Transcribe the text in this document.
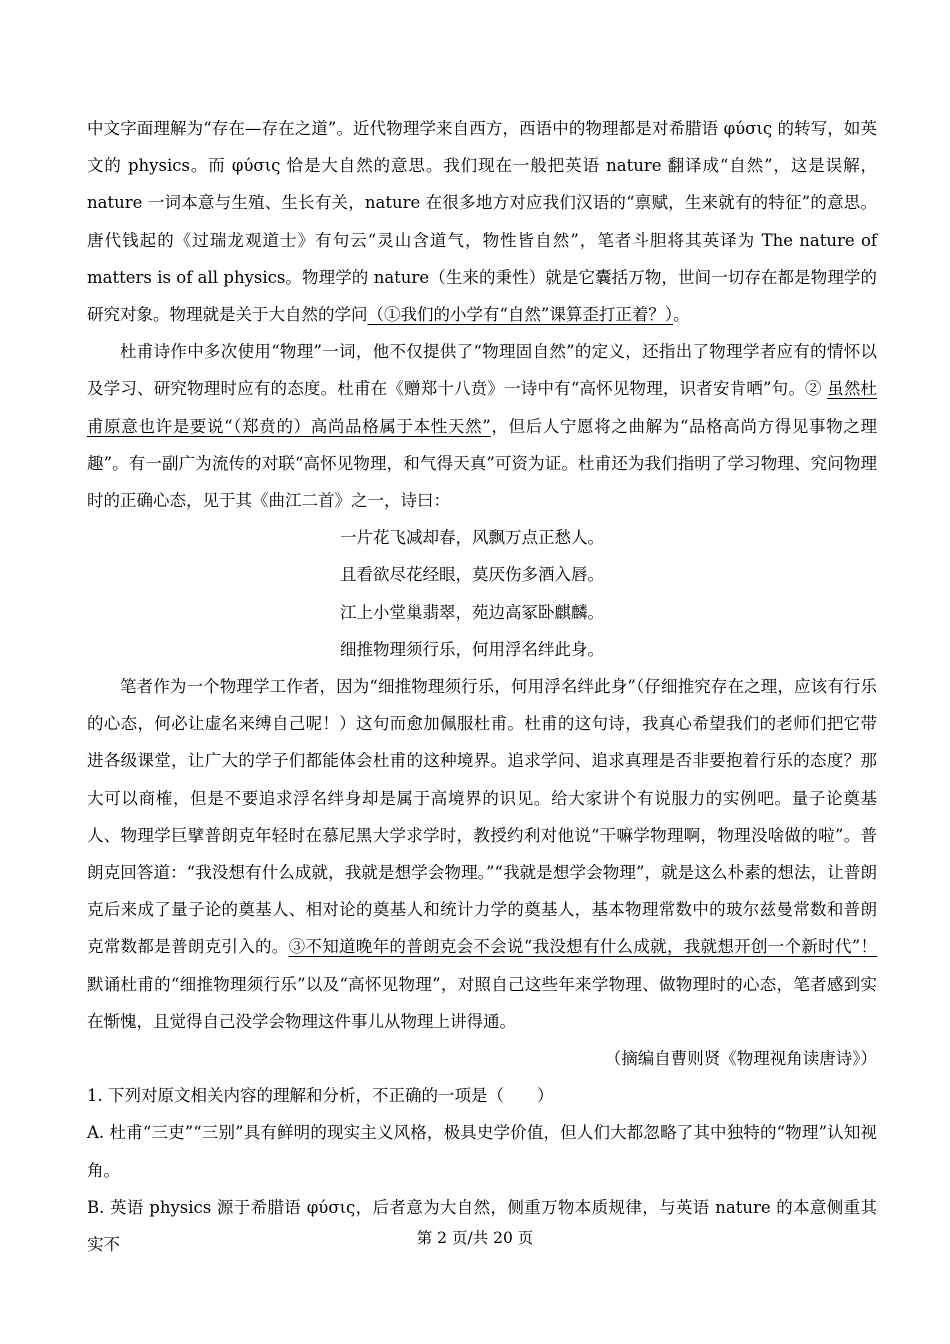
中文字面理解为“存在—存在之道”。近代物理学来自西方，西语中的物理都是对希腊语 φύσις 的转写，如英文的 physics。而 φύσις 恰是大自然的意思。我们现在一般把英语 nature 翻译成“自然”，这是误解，nature 一词本意与生殖、生长有关，nature 在很多地方对应我们汉语的“禀赋，生来就有的特征”的意思。唐代钱起的《过瑞龙观道士》有句云“灵山含道气，物性皆自然”，笔者斗胆将其英译为 The nature of matters is of all physics。物理学的 nature（生来的秉性）就是它囊括万物，世间一切存在都是物理学的研究对象。物理就是关于大自然的学问（①我们的小学有“自然”课算歪打正着？）。

杜甫诗作中多次使用“物理”一词，他不仅提供了“物理固自然”的定义，还指出了物理学者应有的情怀以及学习、研究物理时应有的态度。杜甫在《赠郑十八贲》一诗中有“高怀见物理，识者安肯哂”句。② 虽然杜甫原意也许是要说“（郑贲的）高尚品格属于本性天然”，但后人宁愿将之曲解为“品格高尚方得见事物之理趣”。有一副广为流传的对联“高怀见物理，和气得天真”可资为证。杜甫还为我们指明了学习物理、究问物理时的正确心态，见于其《曲江二首》之一，诗曰：

一片花飞减却春，风飘万点正愁人。
且看欲尽花经眼，莫厌伤多酒入唇。
江上小堂巢翡翠，苑边高冢卧麒麟。
细推物理须行乐，何用浮名绊此身。

笔者作为一个物理学工作者，因为“细推物理须行乐，何用浮名绊此身”（仔细推究存在之理，应该有行乐的心态，何必让虚名来缚自己呢！）这句而愈加佩服杜甫。杜甫的这句诗，我真心希望我们的老师们把它带进各级课堂，让广大的学子们都能体会杜甫的这种境界。追求学问、追求真理是否非要抱着行乐的态度？那大可以商榷，但是不要追求浮名绊身却是属于高境界的识见。给大家讲个有说服力的实例吧。量子论奠基人、物理学巨擘普朗克年轻时在慕尼黑大学求学时，教授约利对他说“干嘛学物理啊，物理没啥做的啦”。普朗克回答道：“我没想有什么成就，我就是想学会物理。”“我就是想学会物理”，就是这么朴素的想法，让普朗克后来成了量子论的奠基人、相对论的奠基人和统计力学的奠基人，基本物理常数中的玻尔兹曼常数和普朗克常数都是普朗克引入的。③不知道晚年的普朗克会不会说“我没想有什么成就，我就想开创一个新时代”！默诵杜甫的“细推物理须行乐”以及“高怀见物理”，对照自己这些年来学物理、做物理时的心态，笔者感到实在惭愧，且觉得自己没学会物理这件事儿从物理上讲得通。

（摘编自曹则贤《物理视角读唐诗》）

1. 下列对原文相关内容的理解和分析，不正确的一项是（　　）

A. 杜甫“三吏”“三别”具有鲜明的现实主义风格，极具史学价值，但人们大都忽略了其中独特的“物理”认知视角。

B. 英语 physics 源于希腊语 φύσις，后者意为大自然，侧重万物本质规律，与英语 nature 的本意侧重其实不	第 2 页/共 20 页
